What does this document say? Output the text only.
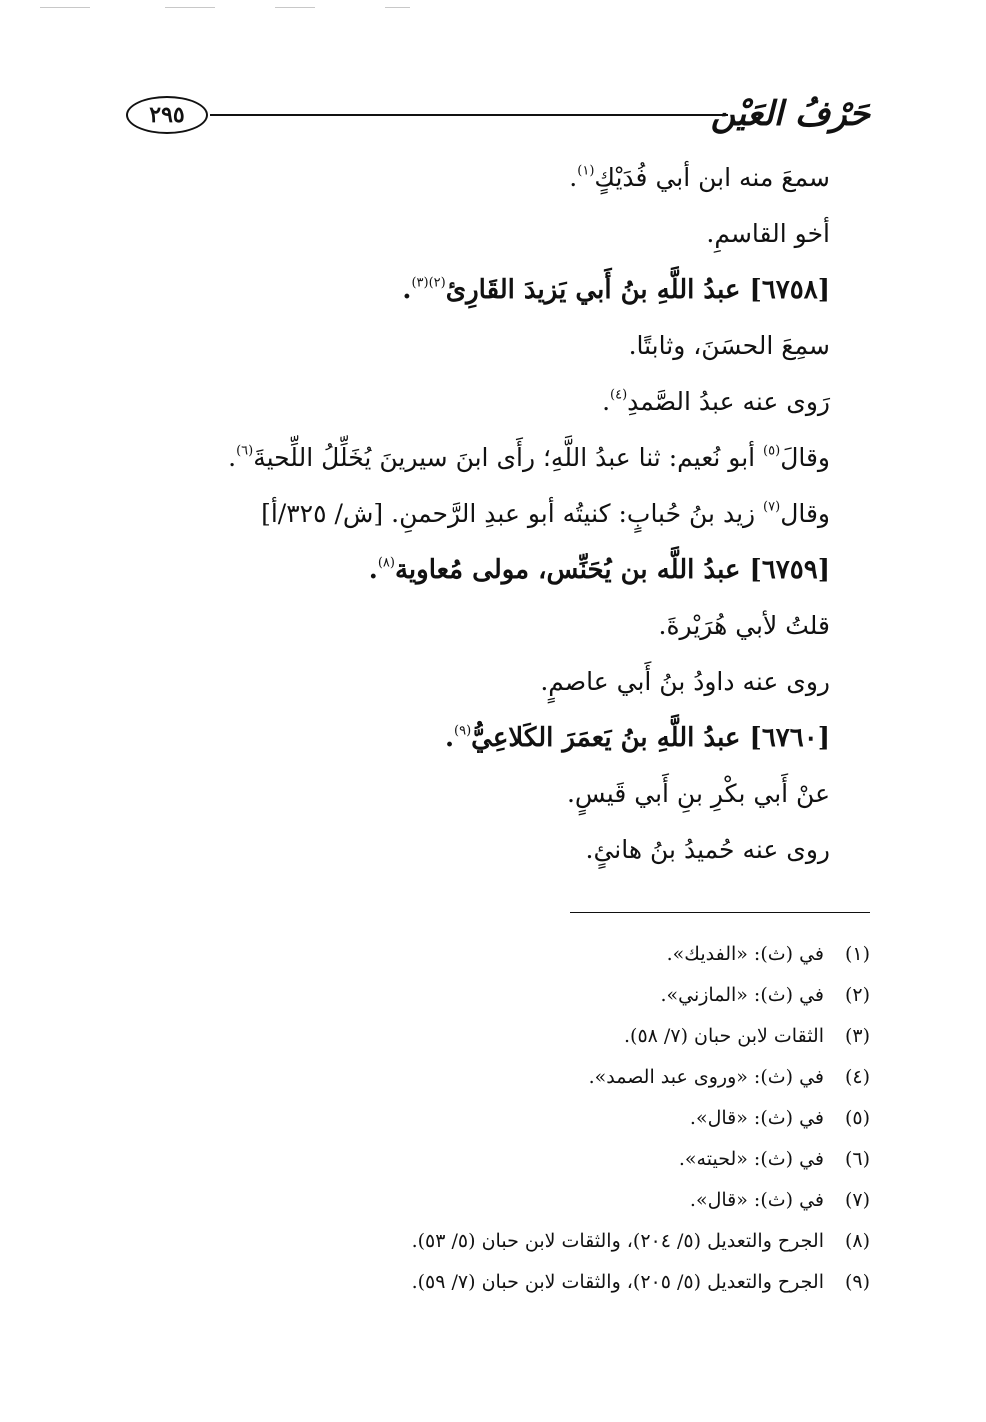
٢٩٥	حَرْفُ العَيْن
سمعَ منه ابن أبي فُدَيْكٍ$^{(١)}$.
أخو القاسمِ.
[٦٧٥٨] عبدُ اللَّهِ بنُ أَبي يَزيدَ القَارِئ$^{(٢)(٣)}$.
سمِعَ الحسَنَ، وثابتًا.
رَوى عنه عبدُ الصَّمدِ$^{(٤)}$.
وقالَ$^{(٥)}$ أبو نُعيم: ثنا عبدُ اللَّهِ؛ رأَى ابنَ سيرينَ يُخَلِّلُ اللِّحيةَ$^{(٦)}$.
وقال$^{(٧)}$ زيد بنُ حُبابٍ: كنيتُه أبو عبدِ الرَّحمنِ. [ش/ ٣٢٥/أ]
[٦٧٥٩] عبدُ اللَّه بن يُحَنِّس، مولى مُعاوية$^{(٨)}$.
قلتُ لأبي هُرَيْرةَ.
روى عنه داودُ بنُ أَبي عاصمٍ.
[٦٧٦٠] عبدُ اللَّهِ بنُ يَعمَرَ الكَلاعِيُّ$^{(٩)}$.
عنْ أَبي بكْرِ بنِ أَبي قَيسٍ.
روى عنه حُميدُ بنُ هانئٍ.
(١)في (ث): «الفديك».
(٢)في (ث): «المازني».
(٣)الثقات لابن حبان (٧/ ٥٨).
(٤)في (ث): «وروى عبد الصمد».
(٥)في (ث): «قال».
(٦)في (ث): «لحيته».
(٧)في (ث): «قال».
(٨)الجرح والتعديل (٥/ ٢٠٤)، والثقات لابن حبان (٥/ ٥٣).
(٩)الجرح والتعديل (٥/ ٢٠٥)، والثقات لابن حبان (٧/ ٥٩).
